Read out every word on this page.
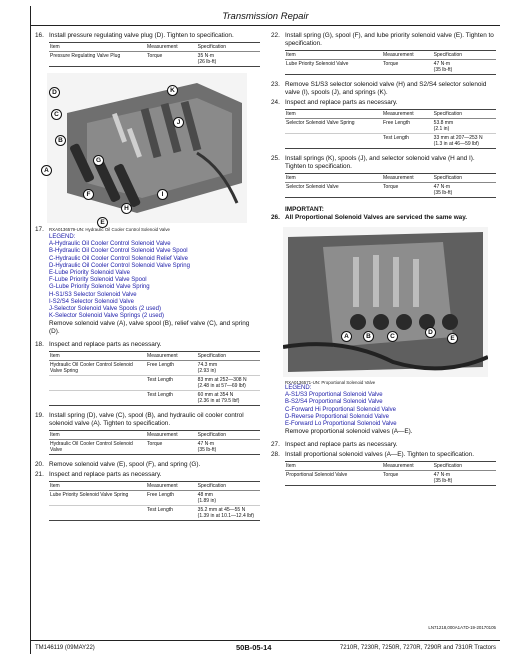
Transmission Repair
16. Install pressure regulating valve plug (D). Tighten to specification.
Item	Measurement	Specification
Pressure Regulating Valve Plug	Torque	35 N·m
(26 lb-ft)
D	K
C
J
B
A
G
F	I
H
E
17. RXA0136579-UN: Hydraulic Oil Cooler Control Solenoid Valve
LEGEND:
A-Hydraulic Oil Cooler Control Solenoid Valve
B-Hydraulic Oil Cooler Control Solenoid Valve Spool
C-Hydraulic Oil Cooler Control Solenoid Relief Valve
D-Hydraulic Oil Cooler Control Solenoid Valve Spring
E-Lube Priority Solenoid Valve
F-Lube Priority Solenoid Valve Spool
G-Lube Priority Solenoid Valve Spring
H-S1/S3 Selector Solenoid Valve
I-S2/S4 Selector Solenoid Valve
J-Selector Solenoid Valve Spools (2 used)
K-Selector Solenoid Valve Springs (2 used)
Remove solenoid valve (A), valve spool (B), relief valve (C), and spring (D).
18. Inspect and replace parts as necessary.
Item	Measurement	Specification
Hydraulic Oil Cooler Control Solenoid Valve Spring	Free Length	74.3 mm
(2.93 in)
	Test Length	83 mm at 252—308 N
(2.48 in at 57—69 lbf)
	Test Length	60 mm at 354 N
(2.36 in at 79.5 lbf)
19. Install spring (D), valve (C), spool (B), and hydraulic oil cooler control solenoid valve (A). Tighten to specification.
Item	Measurement	Specification
Hydraulic Oil Cooler Control Solenoid Valve	Torque	47 N·m
(35 lb-ft)
20. Remove solenoid valve (E), spool (F), and spring (G).
21. Inspect and replace parts as necessary.
Item	Measurement	Specification
Lube Priority Solenoid Valve Spring	Free Length	48 mm
(1.89 in)
	Test Length	35.2 mm at 45—55 N
(1.39 in at 10.1—12.4 lbf)
22. Install spring (G), spool (F), and lube priority solenoid valve (E). Tighten to specification.
Item	Measurement	Specification
Lube Priority Solenoid Valve	Torque	47 N·m
(35 lb-ft)
23. Remove S1/S3 selector solenoid valve (H) and S2/S4 selector solenoid valve (I), spools (J), and springs (K).
24. Inspect and replace parts as necessary.
Item	Measurement	Specification
Selector Solenoid Valve Spring	Free Length	53.8 mm
(2.1 in)
	Test Length	33 mm at 207—253 N
(1.3 in at 46—59 lbf)
25. Install springs (K), spools (J), and selector solenoid valve (H and I). Tighten to specification.
Item	Measurement	Specification
Selector Solenoid Valve	Torque	47 N·m
(35 lb-ft)
IMPORTANT:
26. All Proportional Solenoid Valves are serviced the same way.
A	B	C
D
E
RXA0136571-UN: Proportional Solenoid Valve
LEGEND:
A-S1/S3 Proportional Solenoid Valve
B-S2/S4 Proportional Solenoid Valve
C-Forward Hi Proportional Solenoid Valve
D-Reverse Proportional Solenoid Valve
E-Forward Lo Proportional Solenoid Valve
Remove proportional solenoid valves (A—E).
27. Inspect and replace parts as necessary.
28. Install proportional solenoid valves (A—E). Tighten to specification.
Item	Measurement	Specification
Proportional Solenoid Valve	Torque	47 N·m
(35 lb-ft)
LN71218,000A1A7D-19-20170105
TM146119 (09MAY22)	50B-05-14	7210R, 7230R, 7250R, 7270R, 7290R and 7310R Tractors
